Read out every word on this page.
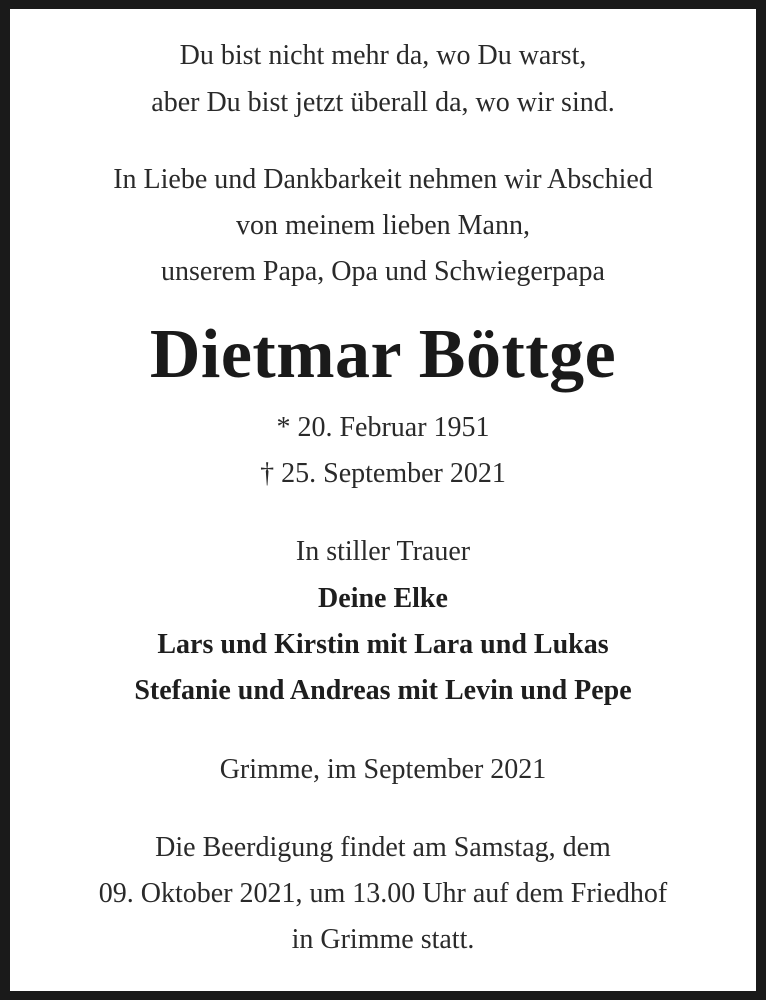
Du bist nicht mehr da, wo Du warst,
aber Du bist jetzt überall da, wo wir sind.
In Liebe und Dankbarkeit nehmen wir Abschied
von meinem lieben Mann,
unserem Papa, Opa und Schwiegerpapa
Dietmar Böttge
* 20. Februar 1951
† 25. September 2021
In stiller Trauer
Deine Elke
Lars und Kirstin mit Lara und Lukas
Stefanie und Andreas mit Levin und Pepe
Grimme, im September 2021
Die Beerdigung findet am Samstag, dem
09. Oktober 2021, um 13.00 Uhr auf dem Friedhof
in Grimme statt.
